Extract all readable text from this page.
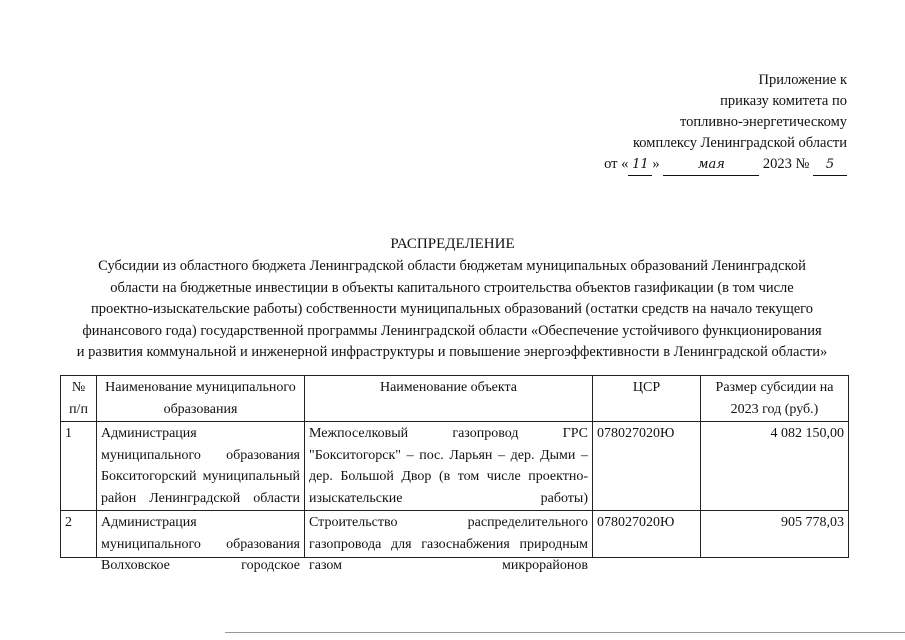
Приложение к
приказу комитета по
топливно-энергетическому
комплексу Ленинградской области
от « 11 »	мая	2023 № 5
РАСПРЕДЕЛЕНИЕ
Субсидии из областного бюджета Ленинградской области бюджетам муниципальных образований Ленинградской
области на бюджетные инвестиции в объекты капитального строительства объектов газификации (в том числе
проектно-изыскательские работы) собственности муниципальных образований (остатки средств на начало текущего
финансового года) государственной программы Ленинградской области «Обеспечение устойчивого функционирования
и развития коммунальной и инженерной инфраструктуры и повышение энергоэффективности в Ленинградской области»
№ п/п	Наименование муниципального образования	Наименование объекта	ЦСР	Размер субсидии на 2023 год (руб.)
1	Администрация муниципального образования Бокситогорский муниципальный район Ленинградской области	Межпоселковый газопровод ГРС "Бокситогорск" – пос. Ларьян – дер. Дыми – дер. Большой Двор (в том числе проектно-изыскательские работы)	078027020Ю	4 082 150,00
2	Администрация муниципального образования Волховское городское	Строительство распределительного газопровода для газоснабжения природным газом микрорайонов	078027020Ю	905 778,03
